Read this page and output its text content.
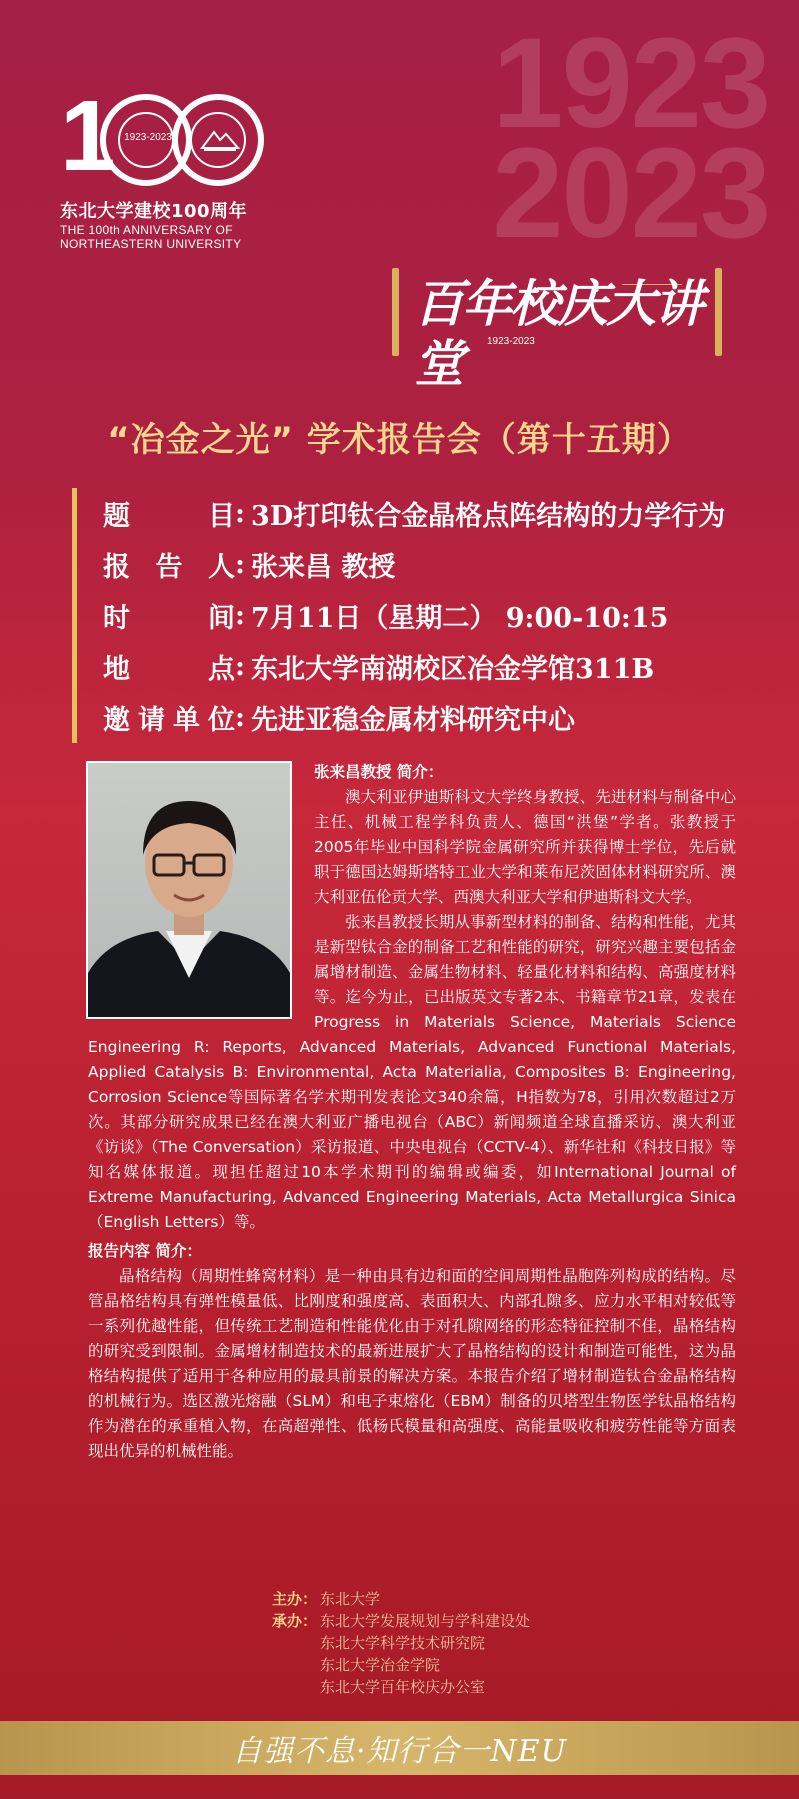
1923
2023
1 1923-2023
东北大学建校100周年
THE 100th ANNIVERSARY OF
NORTHEASTERN UNIVERSITY
百年校庆大讲堂	1923-2023
“冶金之光” 学术报告会（第十五期）
题目 : 3D打印钛合金晶格点阵结构的力学行为
报告人 : 张来昌 教授
时间 : 7月11日（星期二） 9:00-10:15
地点 : 东北大学南湖校区冶金学馆311B
邀请单位 : 先进亚稳金属材料研究中心
张来昌教授 简介：

澳大利亚伊迪斯科文大学终身教授、先进材料与制备中心主任、机械工程学科负责人、德国“洪堡”学者。张教授于2005年毕业中国科学院金属研究所并获得博士学位，先后就职于德国达姆斯塔特工业大学和莱布尼茨固体材料研究所、澳大利亚伍伦贡大学、西澳大利亚大学和伊迪斯科文大学。

张来昌教授长期从事新型材料的制备、结构和性能，尤其是新型钛合金的制备工艺和性能的研究，研究兴趣主要包括金属增材制造、金属生物材料、轻量化材料和结构、高强度材料等。迄今为止，已出版英文专著2本、书籍章节21章，发表在Progress in Materials Science, Materials Science Engineering R: Reports, Advanced Materials, Advanced Functional Materials, Applied Catalysis B: Environmental, Acta Materialia, Composites B: Engineering, Corrosion Science等国际著名学术期刊发表论文340余篇，H指数为78，引用次数超过2万次。其部分研究成果已经在澳大利亚广播电视台（ABC）新闻频道全球直播采访、澳大利亚《访谈》（The Conversation）采访报道、中央电视台（CCTV-4）、新华社和《科技日报》等知名媒体报道。现担任超过10本学术期刊的编辑或编委，如International Journal of Extreme Manufacturing, Advanced Engineering Materials, Acta Metallurgica Sinica （English Letters）等。

报告内容 简介：

晶格结构（周期性蜂窝材料）是一种由具有边和面的空间周期性晶胞阵列构成的结构。尽管晶格结构具有弹性模量低、比刚度和强度高、表面积大、内部孔隙多、应力水平相对较低等一系列优越性能，但传统工艺制造和性能优化由于对孔隙网络的形态特征控制不佳，晶格结构的研究受到限制。金属增材制造技术的最新进展扩大了晶格结构的设计和制造可能性，这为晶格结构提供了适用于各种应用的最具前景的解决方案。本报告介绍了增材制造钛合金晶格结构的机械行为。选区激光熔融（SLM）和电子束熔化（EBM）制备的贝塔型生物医学钛晶格结构作为潜在的承重植入物，在高超弹性、低杨氏模量和高强度、高能量吸收和疲劳性能等方面表现出优异的机械性能。

主办： 东北大学
承办： 东北大学发展规划与学科建设处
东北大学科学技术研究院
东北大学冶金学院
东北大学百年校庆办公室
自强不息·知行合一NEU
